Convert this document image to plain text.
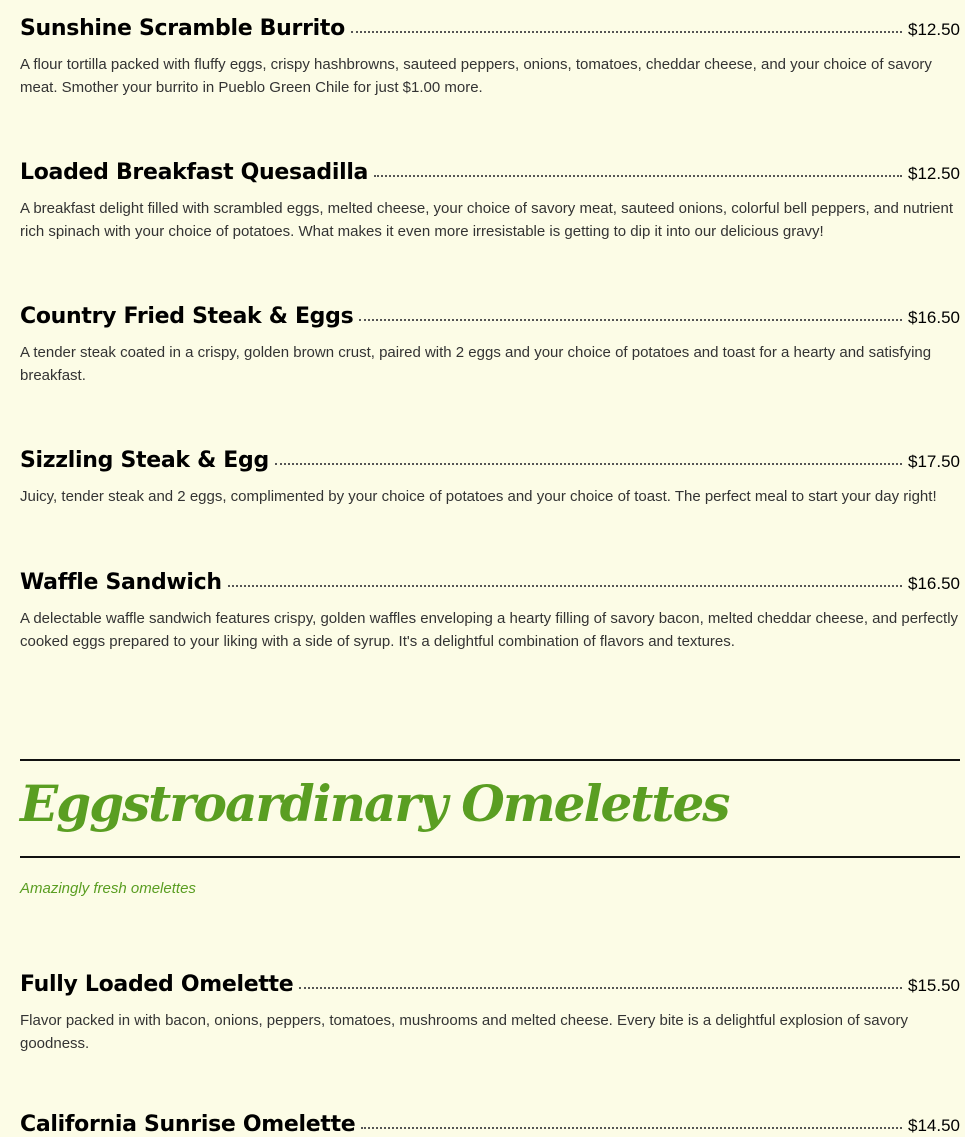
Sunshine Scramble Burrito	$12.50
A flour tortilla packed with fluffy eggs, crispy hashbrowns, sauteed peppers, onions, tomatoes, cheddar cheese, and your choice of savory meat. Smother your burrito in Pueblo Green Chile for just $1.00 more.
Loaded Breakfast Quesadilla	$12.50
A breakfast delight filled with scrambled eggs, melted cheese, your choice of savory meat, sauteed onions, colorful bell peppers, and nutrient rich spinach with your choice of potatoes. What makes it even more irresistable is getting to dip it into our delicious gravy!
Country Fried Steak & Eggs	$16.50
A tender steak coated in a crispy, golden brown crust, paired with 2 eggs and your choice of potatoes and toast for a hearty and satisfying breakfast.
Sizzling Steak & Egg	$17.50
Juicy, tender steak and 2 eggs, complimented by your choice of potatoes and your choice of toast. The perfect meal to start your day right!
Waffle Sandwich	$16.50
A delectable waffle sandwich features crispy, golden waffles enveloping a hearty filling of savory bacon, melted cheddar cheese, and perfectly cooked eggs prepared to your liking with a side of syrup. It's a delightful combination of flavors and textures.
Eggstroardinary Omelettes
Amazingly fresh omelettes
Fully Loaded Omelette	$15.50
Flavor packed in with bacon, onions, peppers, tomatoes, mushrooms and melted cheese. Every bite is a delightful explosion of savory goodness.
California Sunrise Omelette	$14.50
